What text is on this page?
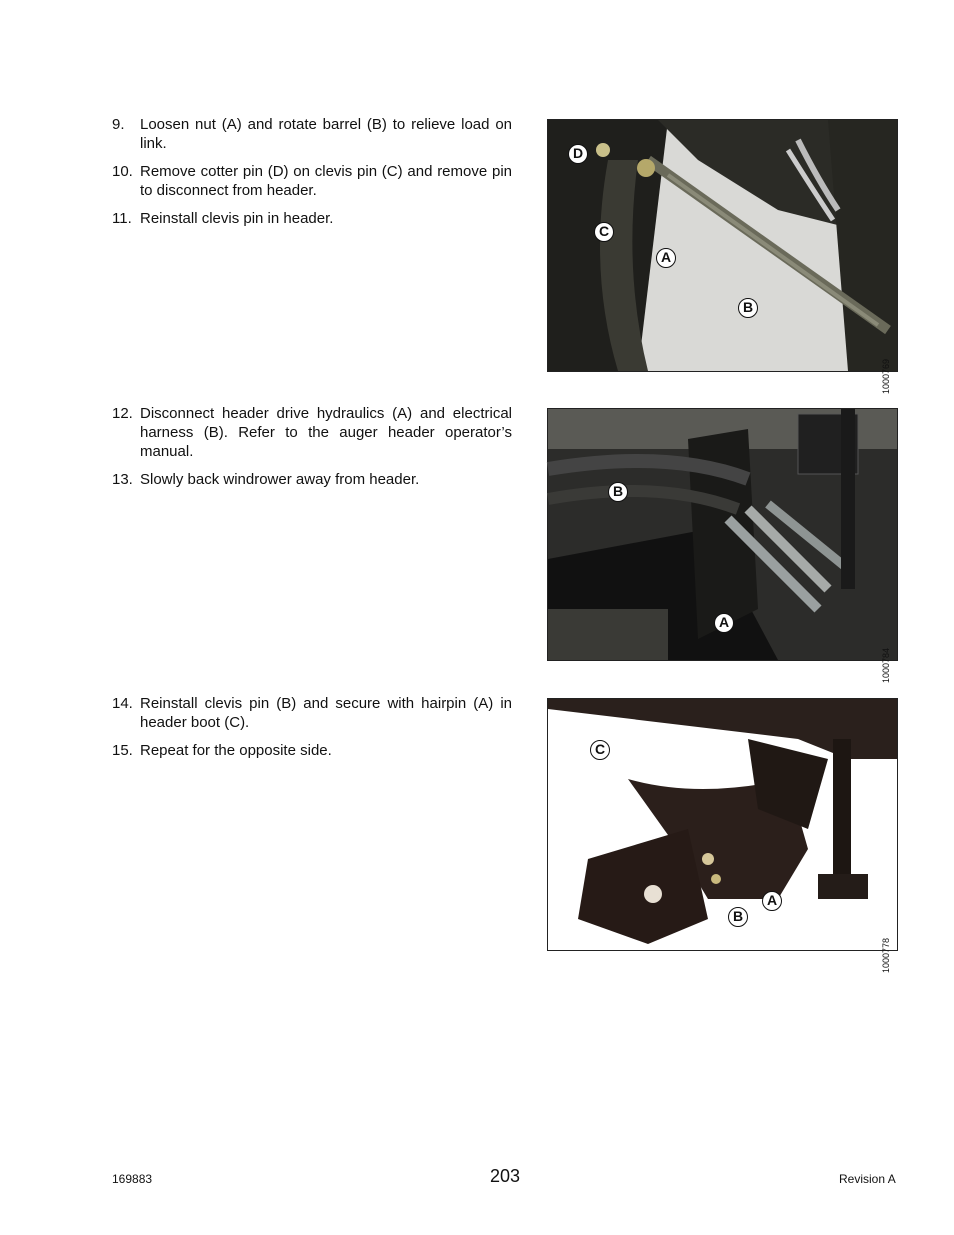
9. Loosen nut (A) and rotate barrel (B) to relieve load on link.
10. Remove cotter pin (D) on clevis pin (C) and remove pin to disconnect from header.
11. Reinstall clevis pin in header.
D
C
A
B
1000769
12. Disconnect header drive hydraulics (A) and electrical harness (B). Refer to the auger header operator’s manual.
13. Slowly back windrower away from header.
B
A
1000784
14. Reinstall clevis pin (B) and secure with hairpin (A) in header boot (C).
15. Repeat for the opposite side.	C
A
B
1000778
169883	203	Revision A
